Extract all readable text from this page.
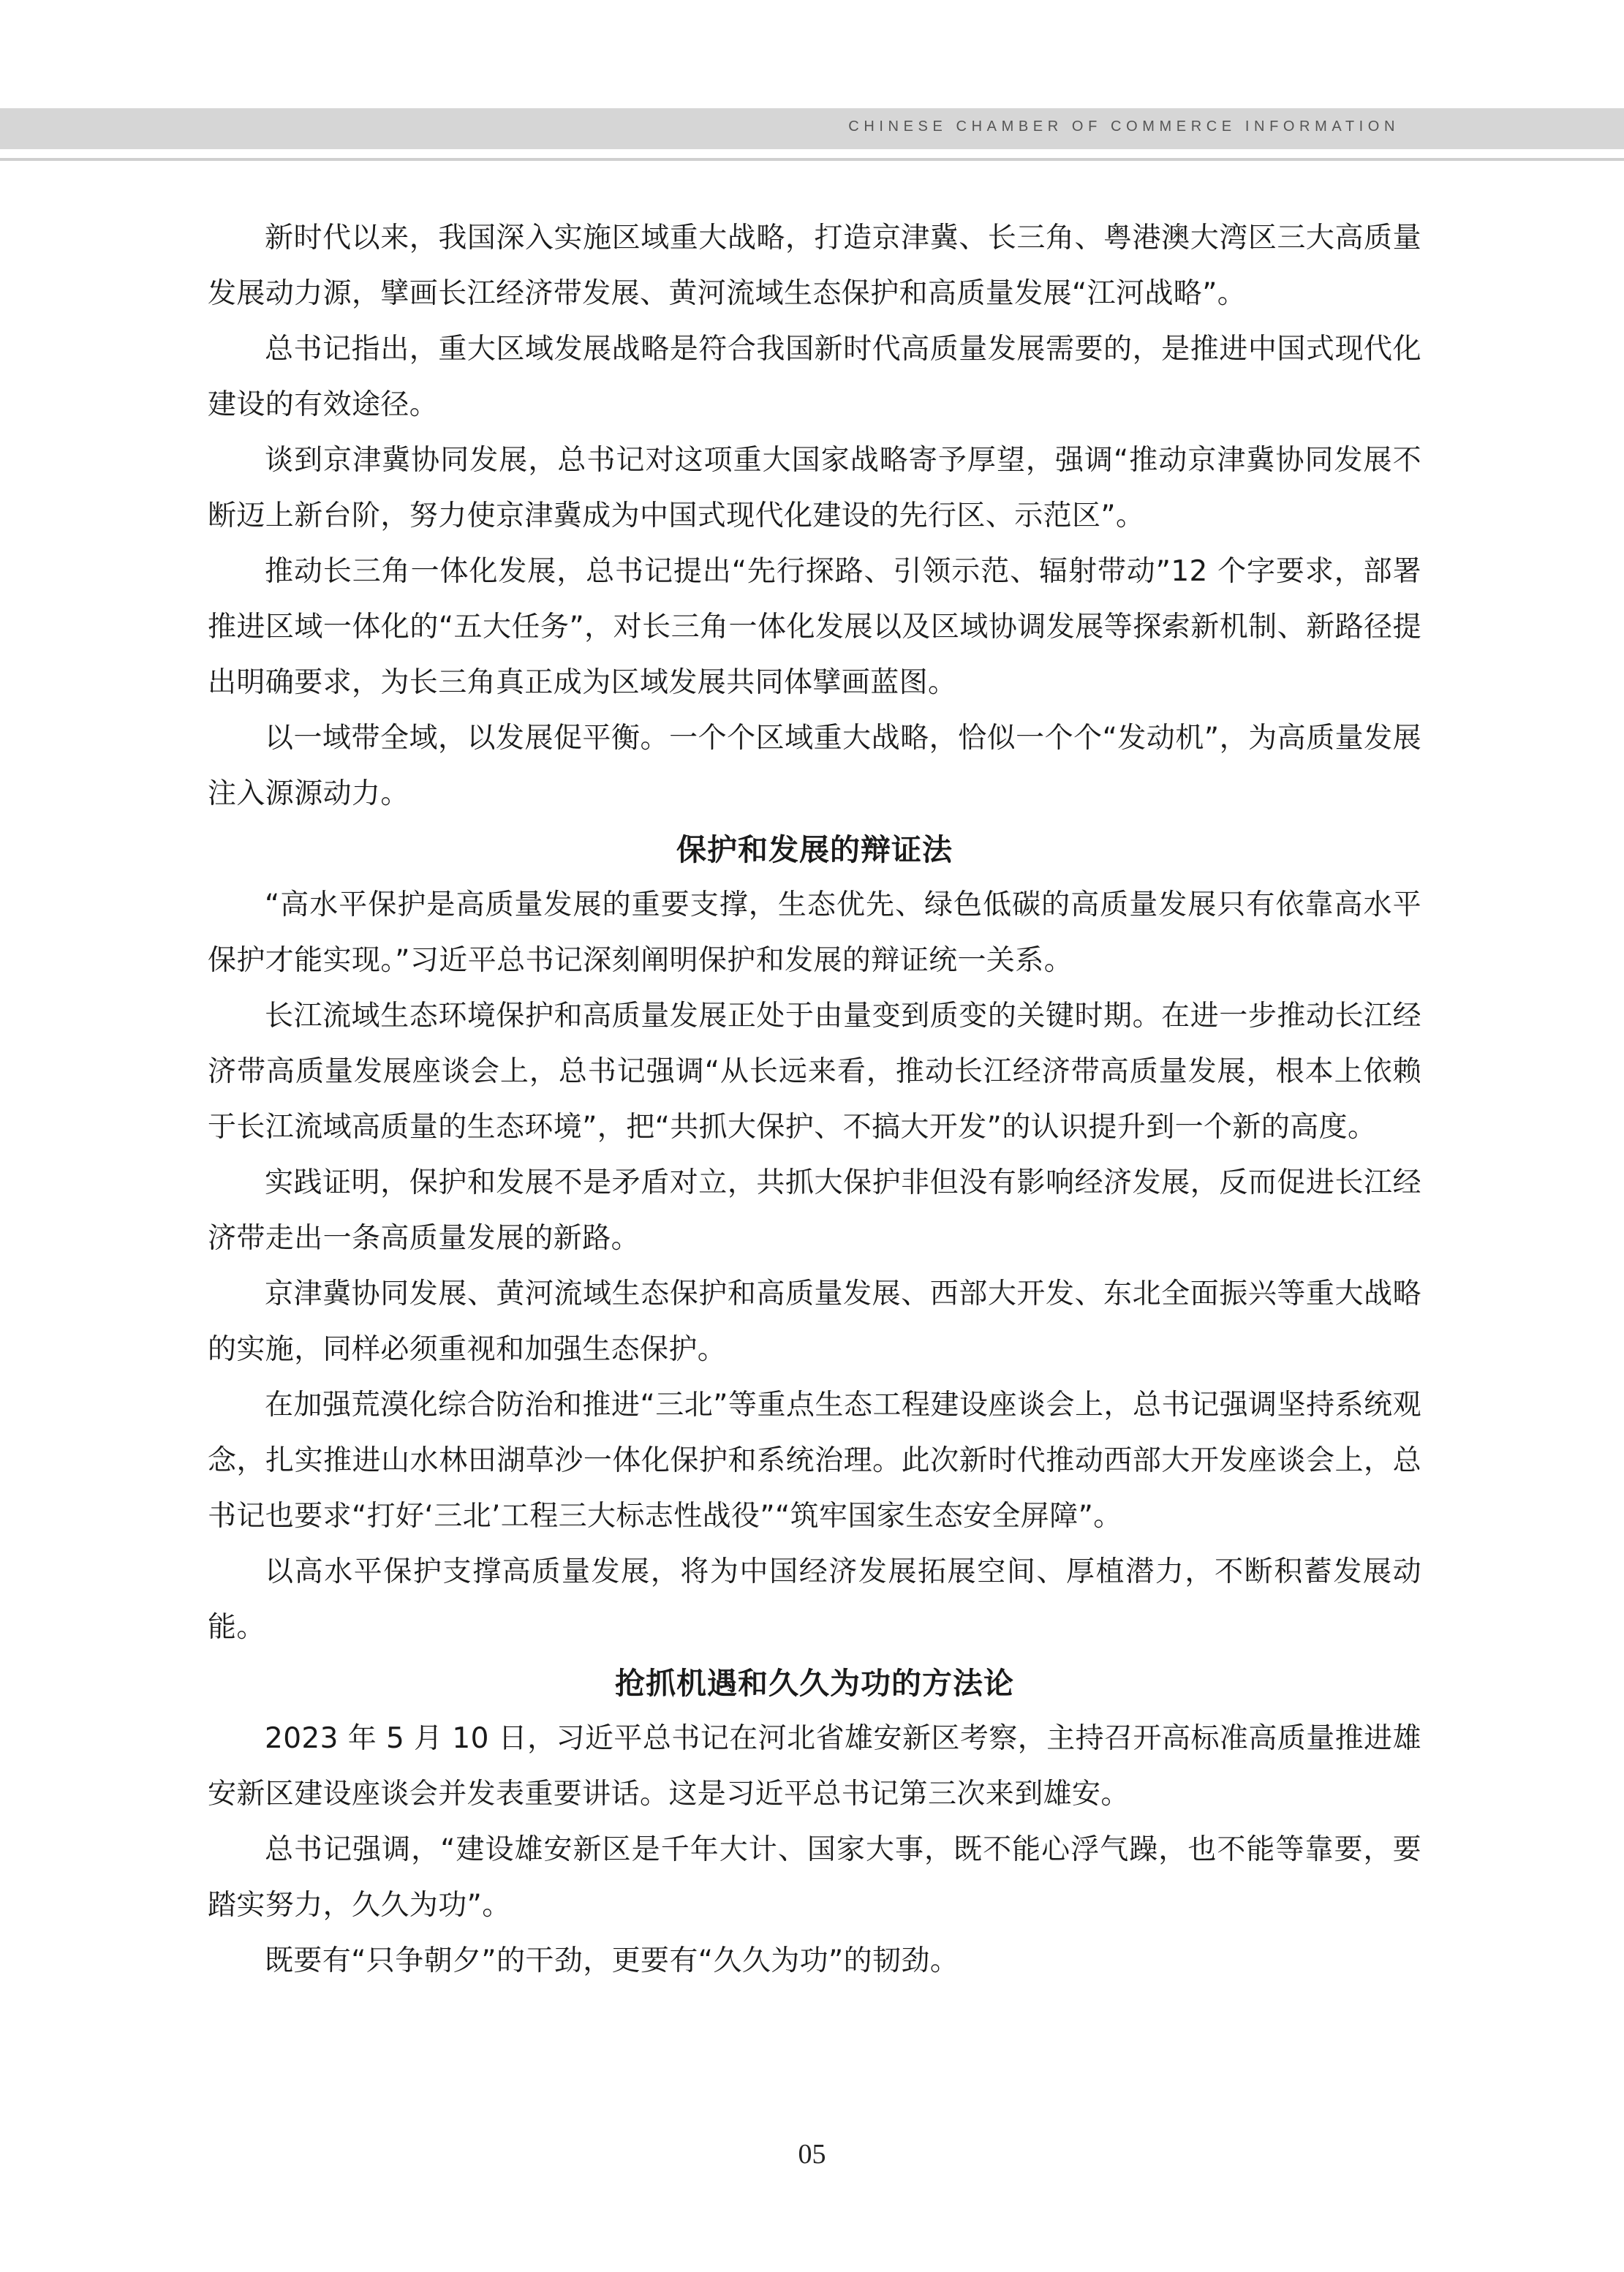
CHINESE CHAMBER OF COMMERCE INFORMATION

新时代以来，我国深入实施区域重大战略，打造京津冀、长三角、粤港澳大湾区三大高质量发展动力源，擘画长江经济带发展、黄河流域生态保护和高质量发展“江河战略”。

总书记指出，重大区域发展战略是符合我国新时代高质量发展需要的，是推进中国式现代化建设的有效途径。

谈到京津冀协同发展，总书记对这项重大国家战略寄予厚望，强调“推动京津冀协同发展不断迈上新台阶，努力使京津冀成为中国式现代化建设的先行区、示范区”。

推动长三角一体化发展，总书记提出“先行探路、引领示范、辐射带动”12 个字要求，部署推进区域一体化的“五大任务”，对长三角一体化发展以及区域协调发展等探索新机制、新路径提出明确要求，为长三角真正成为区域发展共同体擘画蓝图。

以一域带全域，以发展促平衡。一个个区域重大战略，恰似一个个“发动机”，为高质量发展注入源源动力。

保护和发展的辩证法

“高水平保护是高质量发展的重要支撑，生态优先、绿色低碳的高质量发展只有依靠高水平保护才能实现。”习近平总书记深刻阐明保护和发展的辩证统一关系。

长江流域生态环境保护和高质量发展正处于由量变到质变的关键时期。在进一步推动长江经济带高质量发展座谈会上，总书记强调“从长远来看，推动长江经济带高质量发展，根本上依赖于长江流域高质量的生态环境”，把“共抓大保护、不搞大开发”的认识提升到一个新的高度。

实践证明，保护和发展不是矛盾对立，共抓大保护非但没有影响经济发展，反而促进长江经济带走出一条高质量发展的新路。

京津冀协同发展、黄河流域生态保护和高质量发展、西部大开发、东北全面振兴等重大战略的实施，同样必须重视和加强生态保护。

在加强荒漠化综合防治和推进“三北”等重点生态工程建设座谈会上，总书记强调坚持系统观念，扎实推进山水林田湖草沙一体化保护和系统治理。此次新时代推动西部大开发座谈会上，总书记也要求“打好‘三北’工程三大标志性战役”“筑牢国家生态安全屏障”。

以高水平保护支撑高质量发展，将为中国经济发展拓展空间、厚植潜力，不断积蓄发展动能。

抢抓机遇和久久为功的方法论

2023 年 5 月 10 日，习近平总书记在河北省雄安新区考察，主持召开高标准高质量推进雄安新区建设座谈会并发表重要讲话。这是习近平总书记第三次来到雄安。

总书记强调，“建设雄安新区是千年大计、国家大事，既不能心浮气躁，也不能等靠要，要踏实努力，久久为功”。

既要有“只争朝夕”的干劲，更要有“久久为功”的韧劲。

05
